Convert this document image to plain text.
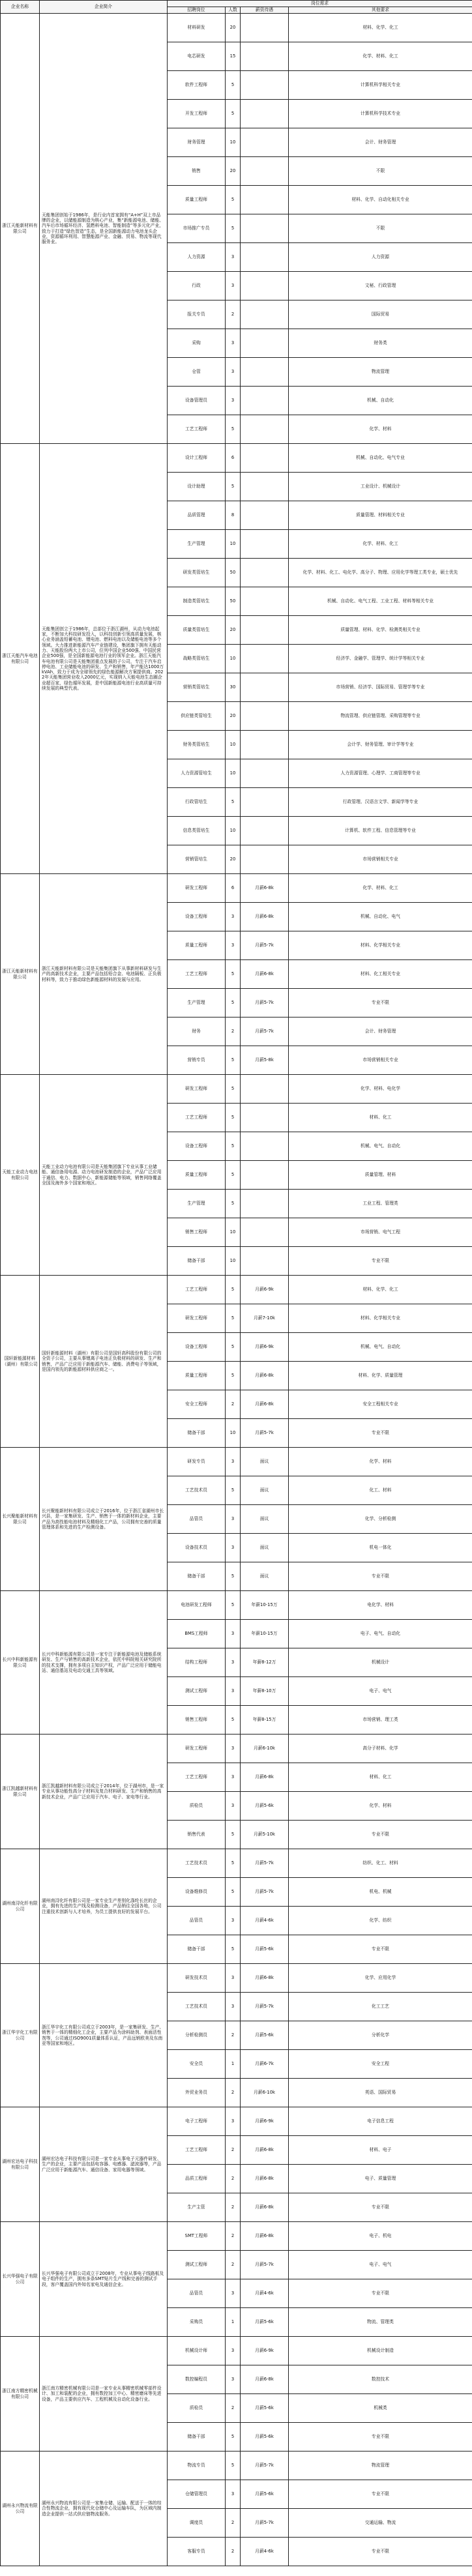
企业名称	企业简介	岗位需求			
		招聘岗位	人数	薪资待遇	其他要求
浙江天能新材料有限公司	天能集团创始于1986年，是行业内首家拥有“A+H”双上市品牌的企业，以储能源制造为核心产业，集“新能源电池、储能、汽车后市场循环经济、氢燃料电池、智能制造”等多元化产业，致力于打造“绿色智造”生态，是全国新能源动力电池龙头企业，资源循环利用、智慧能源产业、金融、贸易、物流等现代服务业。	材料研发	20		材料、化学、化工
		电芯研发	15		化学、材料、化工
		软件工程师	5		计算机科学相关专业
		开发工程师	5		计算机科学技术专业
		财务管理	10		会计、财务管理
		销售	20		不限
		质量工程师	5		材料、化学、自动化相关专业
		市场推广专员	5		不限
		人力资源	3		人力资源
		行政	3		文秘、行政管理
		报关专员	2		国际贸易
		采购	3		财务类
		仓管	3		物流管理
		设备管理员	3		机械、自动化
		工艺工程师	5		化学、材料
浙江天能汽车电池有限公司	天能集团创立于1986年，总部位于浙江湖州，从动力电池起家，不断加大科技研发投入，以科技创新引领高质量发展，核心业务涵盖铅蓄电池、锂电池、燃料电池以及储能电池等多个领域。大力推进新能源汽车产业链建设，集团旗下拥有天能动力、天能股份两大上市公司，位列中国企业500强、中国民营企业500强，是全国新能源电池行业的领军企业。浙江天能汽车电池有限公司是天能集团重点发展的子公司，专注于汽车启停电池、工业储能电池的研发、生产和销售，年产能达1000万kVAh，致力于成为全球领先的绿色能源解决方案提供商。2022年天能集团营业收入2000亿元，实现纳入天能电池生态圈企业超百家，绿色循环发展，是中国新能源电池行业高质量可持续发展的典型代表。	设计工程师	6		机械、自动化、电气专业
		设计助理	5		工业设计、机械设计
		品质管理	8		质量管理、材料相关专业
		生产管理	10		化学、材料、化工
		研发类管培生	50		化学、材料、化工、电化学、高分子、物理、应用化学等理工类专业，硕士优先
		制造类管培生	50		机械、自动化、电气工程、工业工程、材料等相关专业
		质量类管培生	20		质量管理、材料、化学、检测类相关专业
		战略类管培生	10		经济学、金融学、管理学、统计学等相关专业
		营销类管培生	30		市场营销、经济学、国际贸易、管理学等专业
		供应链类管培生	20		物流管理、供应链管理、采购管理等专业
		财务类管培生	10		会计学、财务管理、审计学等专业
		人力资源管培生	10		人力资源管理、心理学、工商管理等专业
		行政管培生	5		行政管理、汉语言文学、新闻学等专业
		信息类管培生	10		计算机、软件工程、信息管理等专业
		营销管培生	20		市场营销相关专业
浙江天能新材料有限公司	浙江天能新材料有限公司是天能集团旗下从事新材料研发与生产的高新技术企业，主要产品包括铅合金、电池隔板、正负极材料等，致力于推动绿色新能源材料的发展与应用。	研发工程师	6	月薪6-8k	化学、材料、化工
		设备工程师	3	月薪6-8k	机械、自动化、电气
		质量工程师	3	月薪5-7k	材料、化学相关专业
		工艺工程师	5	月薪6-8k	材料、化工相关专业
		生产管理	5	月薪5-7k	专业不限
		财务	2	月薪5-7k	会计、财务管理
		营销专员	5	月薪5-8k	市场营销相关专业
天能工业动力电池有限公司	天能工业动力电池有限公司是天能集团旗下专业从事工业储能、通信备用电源、动力电池研发制造的企业，产品广泛应用于通信、电力、数据中心、新能源储能等领域，销售网络覆盖全国及海外多个国家和地区。	研发工程师	5		化学、材料、电化学
		工艺工程师	5		材料、化工
		设备工程师	5		机械、电气、自动化
		质量工程师	5		质量管理、材料
		生产管理	5		工业工程、管理类
		销售工程师	10		市场营销、电气工程
		储备干部	10		专业不限
国轩新能源材料（湖州）有限公司	国轩新能源材料（湖州）有限公司是国轩高科股份有限公司的全资子公司，主要从事锂离子电池正负极材料的研发、生产和销售，产品广泛应用于新能源汽车、储能、消费电子等领域，是国内领先的新能源材料供应商之一。	工艺工程师	5	月薪6-9k	材料、化学、化工
		研发工程师	5	月薪7-10k	材料、化学相关专业
		设备工程师	5	月薪6-9k	机械、电气、自动化
		质量工程师	5	月薪6-8k	材料、化学、质量管理
		安全工程师	2	月薪6-8k	安全工程相关专业
		储备干部	10	月薪5-7k	专业不限
长兴聚能新材料有限公司	长兴聚能新材料有限公司成立于2016年，位于浙江省湖州市长兴县，是一家集研发、生产、销售于一体的新材料企业，主要产品为高性能电池材料及精细化工产品，公司拥有完善的质量管理体系和先进的生产检测设备。	研发专员	3	面议	化学、材料
		工艺技术员	5	面议	化工、材料
		品管员	3	面议	化学、分析检测
		设备技术员	3	面议	机电一体化
		储备干部	5	面议	专业不限
长兴中科新能源有限公司	长兴中科新能源有限公司是一家专注于新能源电池及储能系统研发、生产与销售的高新技术企业，依托中科院相关研究院所的技术支撑，拥有多项自主知识产权，产品广泛应用于储能电站、通信基站及电动交通工具等领域。	电池研发工程师	5	年薪10-15万	电化学、材料
		BMS工程师	3	年薪10-15万	电子、电气、自动化
		结构工程师	3	年薪8-12万	机械设计
		测试工程师	3	年薪8-10万	电子、电气
		销售工程师	5	年薪8-15万	市场营销、理工类
浙江凯越新材料有限公司	浙江凯越新材料有限公司成立于2014年，位于湖州市，是一家专业从事功能性高分子材料及复合材料研发、生产和销售的高新技术企业，产品广泛应用于汽车、电子、家电等行业。	研发工程师	3	月薪6-10k	高分子材料、化学
		工艺工程师	3	月薪6-8k	材料、化工
		质检员	3	月薪5-6k	化学、材料
		销售代表	5	月薪5-10k	专业不限
湖州南浔化纤有限公司	湖州南浔化纤有限公司是一家专业生产差别化涤纶长丝的企业，拥有先进的生产线及检测设备，产品销往全国各地，公司注重技术创新与人才培养，为员工提供良好的发展平台。	工艺技术员	5	月薪5-7k	纺织、化工、材料
		设备维修员	5	月薪5-7k	机电、机械
		品管员	3	月薪4-6k	化学、纺织
		储备干部	5	月薪5-6k	专业不限
浙江华宇化工有限公司	浙江华宇化工有限公司成立于2003年，是一家集研发、生产、销售于一体的精细化工企业，主要产品为涂料助剂、表面活性剂等，公司通过ISO9001质量体系认证，产品远销欧美及东南亚等国家和地区。	研发技术员	3	月薪6-8k	化学、应用化学
		工艺技术员	3	月薪5-7k	化工工艺
		分析检测员	2	月薪5-6k	分析化学
		安全员	1	月薪6-7k	安全工程
		外贸业务员	2	月薪6-10k	英语、国际贸易
湖州宏达电子科技有限公司	湖州宏达电子科技有限公司是一家专业从事电子元器件研发、生产的企业，主要产品包括电容器、电感器、滤波器等，产品广泛应用于新能源汽车、通信设备、家用电器等领域。	电子工程师	3	月薪6-9k	电子信息工程
		工艺工程师	2	月薪6-8k	材料、电子
		品质工程师	2	月薪6-8k	电子、质量管理
		生产主管	2	月薪6-8k	专业不限
长兴华强电子有限公司	长兴华强电子有限公司成立于2008年，专业从事电子线路板及电子组件的生产，拥有多条SMT贴片生产线和完善的测试手段，客户覆盖国内外知名家电及通信企业。	SMT工程师	2	月薪6-8k	电子、机电
		测试工程师	2	月薪5-7k	电子、电气
		品管员	3	月薪4-6k	专业不限
		采购员	1	月薪5-6k	物流、管理类
浙江南方精密机械有限公司	浙江南方精密机械有限公司是一家专业从事精密机械零部件设计、加工和装配的企业，拥有数控加工中心、精密磨床等先进设备，产品主要供应汽车、工程机械及自动化设备行业。	机械设计师	3	月薪6-9k	机械设计制造
		数控编程员	3	月薪6-8k	数控技术
		质检员	2	月薪5-6k	机械类
		储备干部	5	月薪5-6k	专业不限
湖州永兴物流有限公司	湖州永兴物流有限公司是一家集仓储、运输、配送于一体的综合性物流企业，拥有现代化仓储中心及运输车队，为区域内制造企业提供一站式供应链物流服务。	物流专员	5	月薪5-7k	物流管理
		仓储管理员	3	月薪5-6k	专业不限
		调度员	2	月薪5-7k	交通运输、物流
		客服专员	2	月薪4-6k	专业不限
